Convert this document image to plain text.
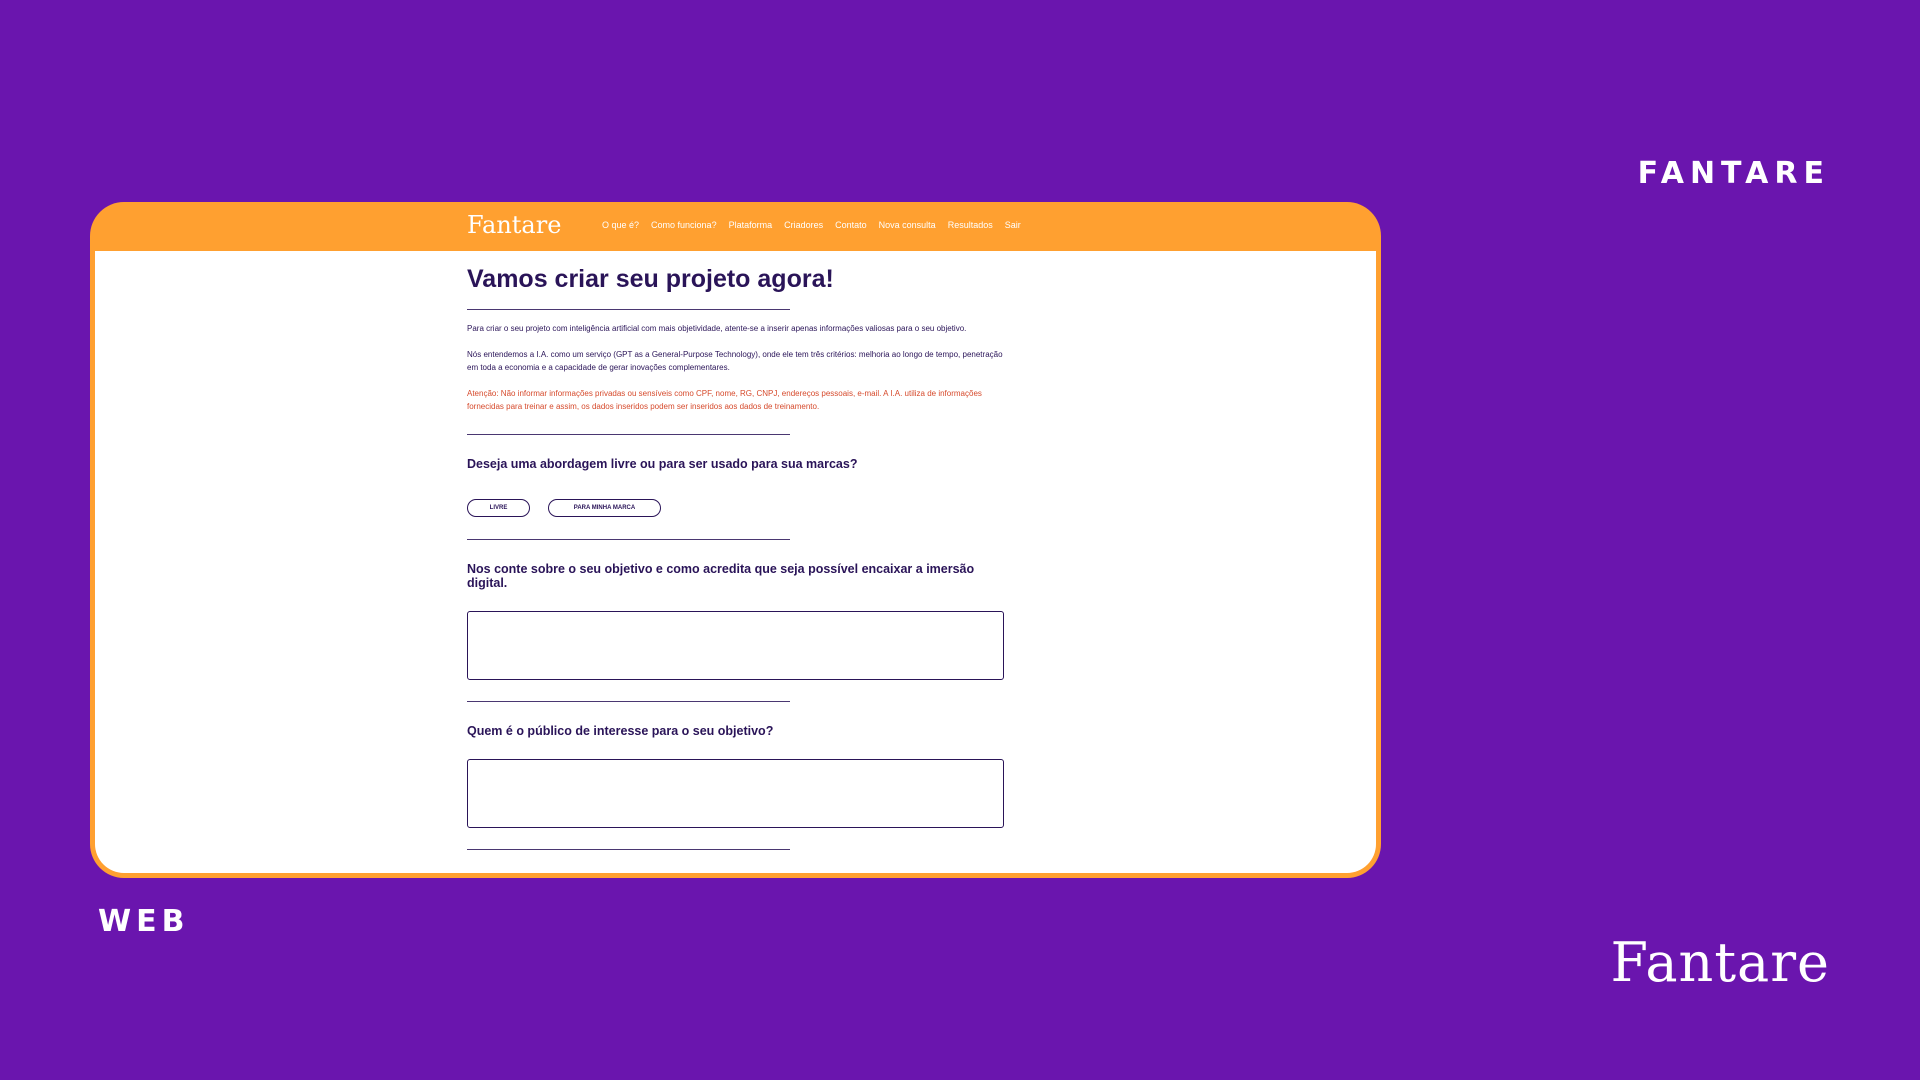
FANTARE
Fantare	O que é? Como funciona? Plataforma Criadores Contato Nova consulta Resultados Sair
Vamos criar seu projeto agora!

Para criar o seu projeto com inteligência artificial com mais objetividade, atente-se a inserir apenas informações valiosas para o seu objetivo.

Nós entendemos a I.A. como um serviço (GPT as a General-Purpose Technology), onde ele tem três critérios: melhoria ao longo de tempo, penetração em toda a economia e a capacidade de gerar inovações complementares.

Atenção: Não informar informações privadas ou sensíveis como CPF, nome, RG, CNPJ, endereços pessoais, e-mail. A I.A. utiliza de informações fornecidas para treinar e assim, os dados inseridos podem ser inseridos aos dados de treinamento.

Deseja uma abordagem livre ou para ser usado para sua marcas?

LIVRE	PARA MINHA MARCA

Nos conte sobre o seu objetivo e como acredita que seja possível encaixar a imersão digital.

Quem é o público de interesse para o seu objetivo?

WEB
Fantare
